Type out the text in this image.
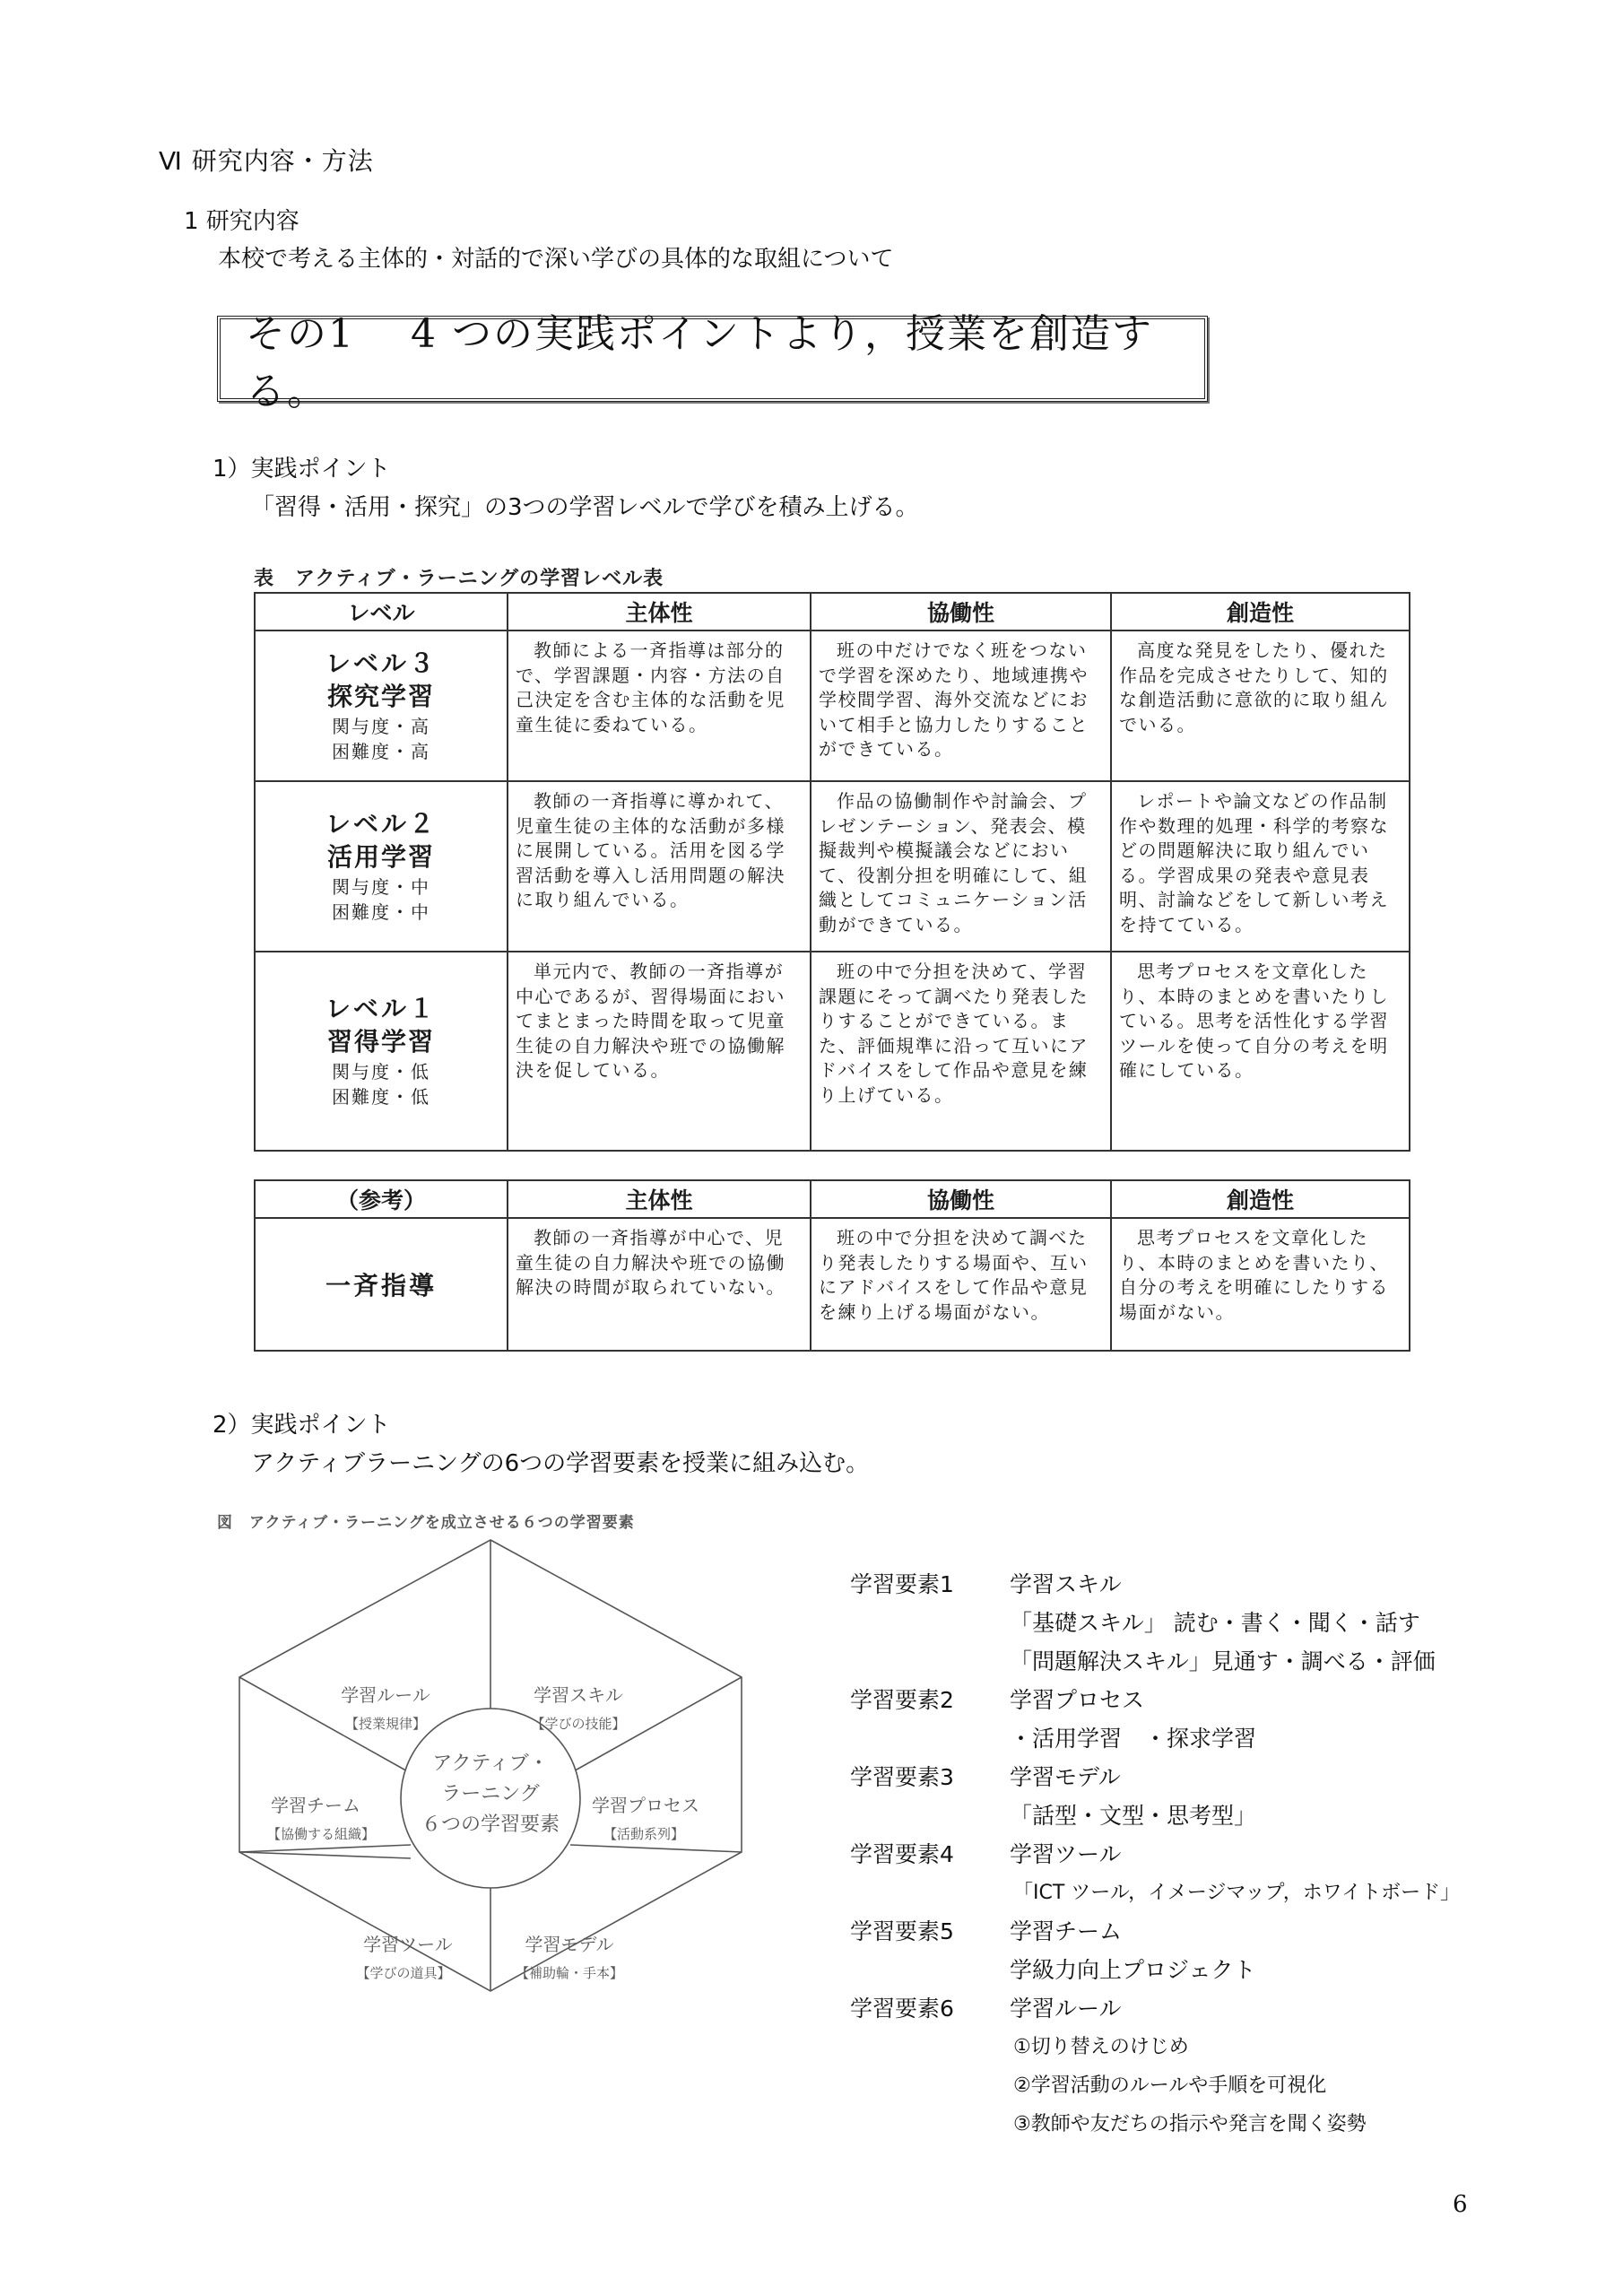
Ⅵ 研究内容・方法
1 研究内容
本校で考える主体的・対話的で深い学びの具体的な取組について
その1　 4 つの実践ポイントより，授業を創造する。
1）実践ポイント
「習得・活用・探究」の3つの学習レベルで学びを積み上げる。
表　アクティブ・ラーニングの学習レベル表
レベル	主体性	協働性	創造性

レベル３
探究学習
関与度・高
困難度・高	教師による一斉指導は部分的で、学習課題・内容・方法の自己決定を含む主体的な活動を児童生徒に委ねている。	班の中だけでなく班をつないで学習を深めたり、地域連携や学校間学習、海外交流などにおいて相手と協力したりすることができている。	高度な発見をしたり、優れた作品を完成させたりして、知的な創造活動に意欲的に取り組んでいる。

レベル２
活用学習
関与度・中
困難度・中	教師の一斉指導に導かれて、児童生徒の主体的な活動が多様に展開している。活用を図る学習活動を導入し活用問題の解決に取り組んでいる。	作品の協働制作や討論会、プレゼンテーション、発表会、模擬裁判や模擬議会などにおいて、役割分担を明確にして、組織としてコミュニケーション活動ができている。	レポートや論文などの作品制作や数理的処理・科学的考察などの問題解決に取り組んでいる。学習成果の発表や意見表明、討論などをして新しい考えを持てている。

レベル１
習得学習
関与度・低
困難度・低	単元内で、教師の一斉指導が中心であるが、習得場面においてまとまった時間を取って児童生徒の自力解決や班での協働解決を促している。	班の中で分担を決めて、学習課題にそって調べたり発表したりすることができている。また、評価規準に沿って互いにアドバイスをして作品や意見を練り上げている。	思考プロセスを文章化したり、本時のまとめを書いたりしている。思考を活性化する学習ツールを使って自分の考えを明確にしている。
（参考）	主体性	協働性	創造性

一斉指導	教師の一斉指導が中心で、児童生徒の自力解決や班での協働解決の時間が取られていない。	班の中で分担を決めて調べたり発表したりする場面や、互いにアドバイスをして作品や意見を練り上げる場面がない。	思考プロセスを文章化したり、本時のまとめを書いたり、自分の考えを明確にしたりする場面がない。
2）実践ポイント
アクティブラーニングの6つの学習要素を授業に組み込む。
図　アクティブ・ラーニングを成立させる６つの学習要素
アクティブ・
ラーニング
６つの学習要素
学習ルール
【授業規律】
学習スキル
【学びの技能】
学習チーム
【協働する組織】
学習プロセス
【活動系列】
学習ツール
【学びの道具】
学習モデル
【補助輪・手本】
学習要素1	学習スキル
「基礎スキル」 読む・書く・聞く・話す
「問題解決スキル」見通す・調べる・評価
学習要素2	学習プロセス
・活用学習　・探求学習
学習要素3	学習モデル
「話型・文型・思考型」
学習要素4	学習ツール
「ICT ツール，イメージマップ，ホワイトボード」
学習要素5	学習チーム
学級力向上プロジェクト
学習要素6	学習ルール
①切り替えのけじめ
②学習活動のルールや手順を可視化
③教師や友だちの指示や発言を聞く姿勢
6
